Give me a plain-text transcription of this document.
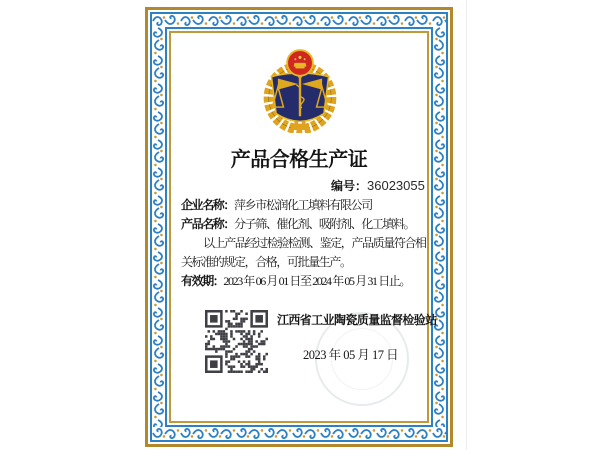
产品合格生产证
编号：36023055
企业名称：萍乡市松润化工填料有限公司
产品名称：分子筛、催化剂、吸附剂、化工填料。
以上产品经过检验检测、鉴定，产品质量符合相
关标准的规定，合格，可批量生产。
有效期：2023 年 06 月 01 日至 2024 年 05 月 31 日止。
江西省工业陶瓷质量监督检验站
2023 年 05 月 17 日
